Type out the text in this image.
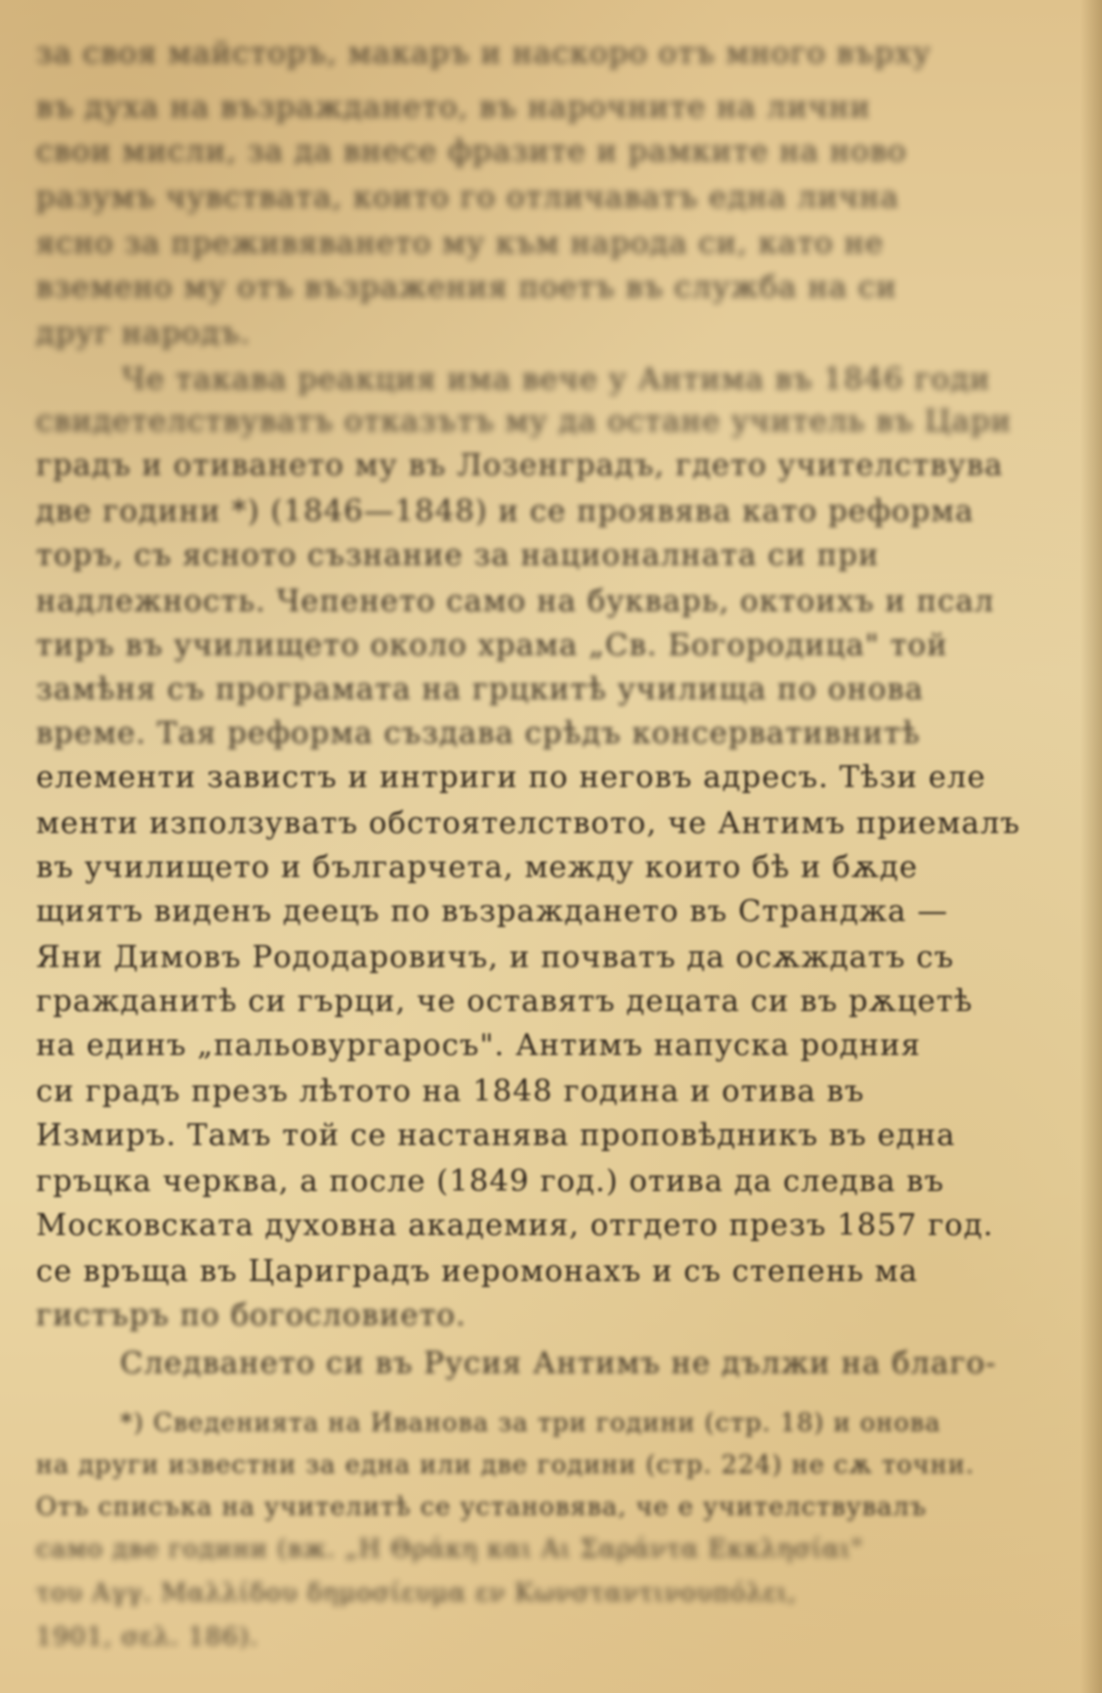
за своя майсторъ, макаръ и наскоро отъ много върху
въ духа на възраждането, въ нарочните на лични
свои мисли, за да внесе фразите и рамките на ново
разумъ чувствата, които го отличаватъ една лична
ясно за преживяването му към народа си, като не
вземено му отъ възражения поетъ въ служба на си
друг народъ.
Че такава реакция има вече у Антима въ 1846 годи
свидетелствуватъ отказътъ му да остане учитель въ Цари
градъ и отиването му въ Лозенградъ, гдето учителствува
две години *) (1846—1848) и се проявява като реформа
торъ, съ ясното съзнание за националната си при
надлежность. Чепенето само на букварь, октоихъ и псал
тиръ въ училището около храма „Св. Богородица" той
замѣня съ програмата на грцкитѣ училища по онова
време. Тая реформа създава срѣдъ консервативнитѣ
елементи завистъ и интриги по неговъ адресъ. Тѣзи еле
менти използуватъ обстоятелството, че Антимъ приемалъ
въ училището и българчета, между които бѣ и бѫде
щиятъ виденъ деецъ по възраждането въ Странджа —
Яни Димовъ Рододаровичъ, и почватъ да осѫждатъ съ
гражданитѣ си гърци, че оставятъ децата си въ рѫцетѣ
на единъ „пальовургаросъ". Антимъ напуска родния
си градъ презъ лѣтото на 1848 година и отива въ
Измиръ. Тамъ той се настанява проповѣдникъ въ една
гръцка черква, а после (1849 год.) отива да следва въ
Московската духовна академия, отгдето презъ 1857 год.
се връща въ Цариградъ иеромонахъ и съ степень ма
гистъръ по богословието.
Следването си въ Русия Антимъ не дължи на благо-
*) Сведенията на Иванова за три години (стр. 18) и онова
на други известни за една или две години (стр. 224) не сѫ точни.
Отъ списъка на учителитѣ се установява, че е учителствувалъ
само две години (вж. „Η Θράκη και Αι Σαράντα Εκκλησίαι"
του Αγγ. Μαλλίδου δημοσίευμα εν Κωνσταντινουπόλει,
1901, σελ. 186).
